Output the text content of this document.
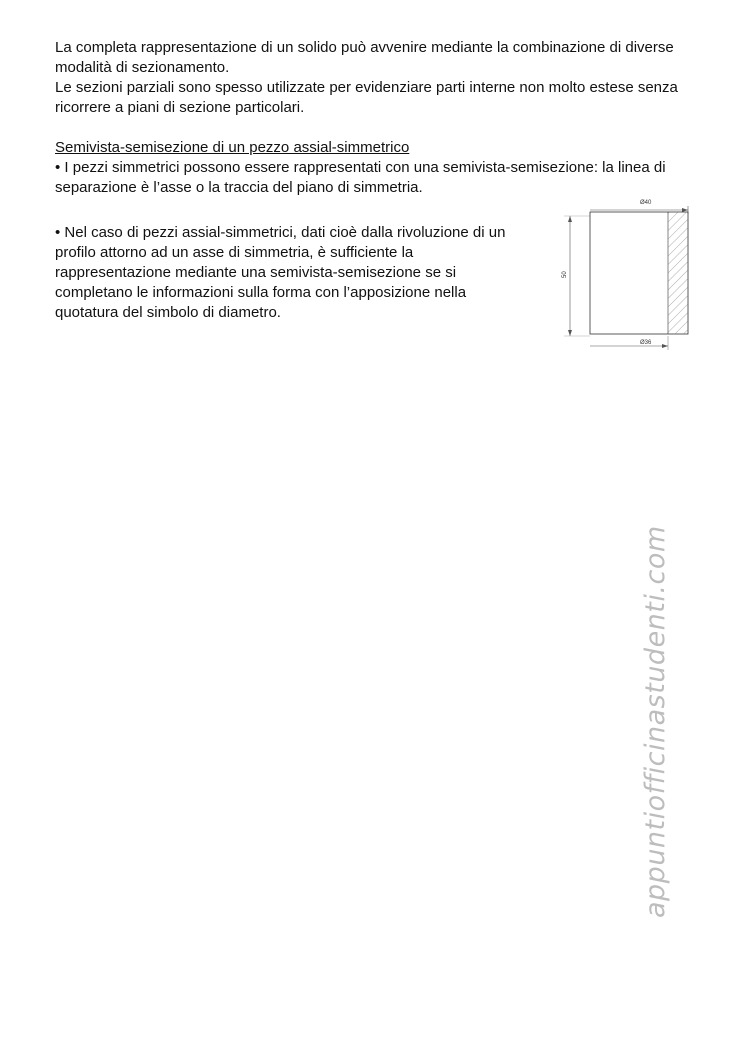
La completa rappresentazione di un solido può avvenire mediante la combinazione di diverse modalità di sezionamento.

Le sezioni parziali sono spesso utilizzate per evidenziare parti interne non molto estese senza ricorrere a piani di sezione particolari.

Semivista-semisezione di un pezzo assial-simmetrico

• I pezzi simmetrici possono essere rappresentati con una semivista-semisezione: la linea di separazione è l’asse o la traccia del piano di simmetria.

• Nel caso di pezzi assial-simmetrici, dati cioè dalla rivoluzione di un profilo attorno ad un asse di simmetria, è sufficiente la rappresentazione mediante una semivista-semisezione se si completano le informazioni sulla forma con l’apposizione nella quotatura del simbolo di diametro.

Ø40
50
Ø36
appuntiofficinastudenti.com
